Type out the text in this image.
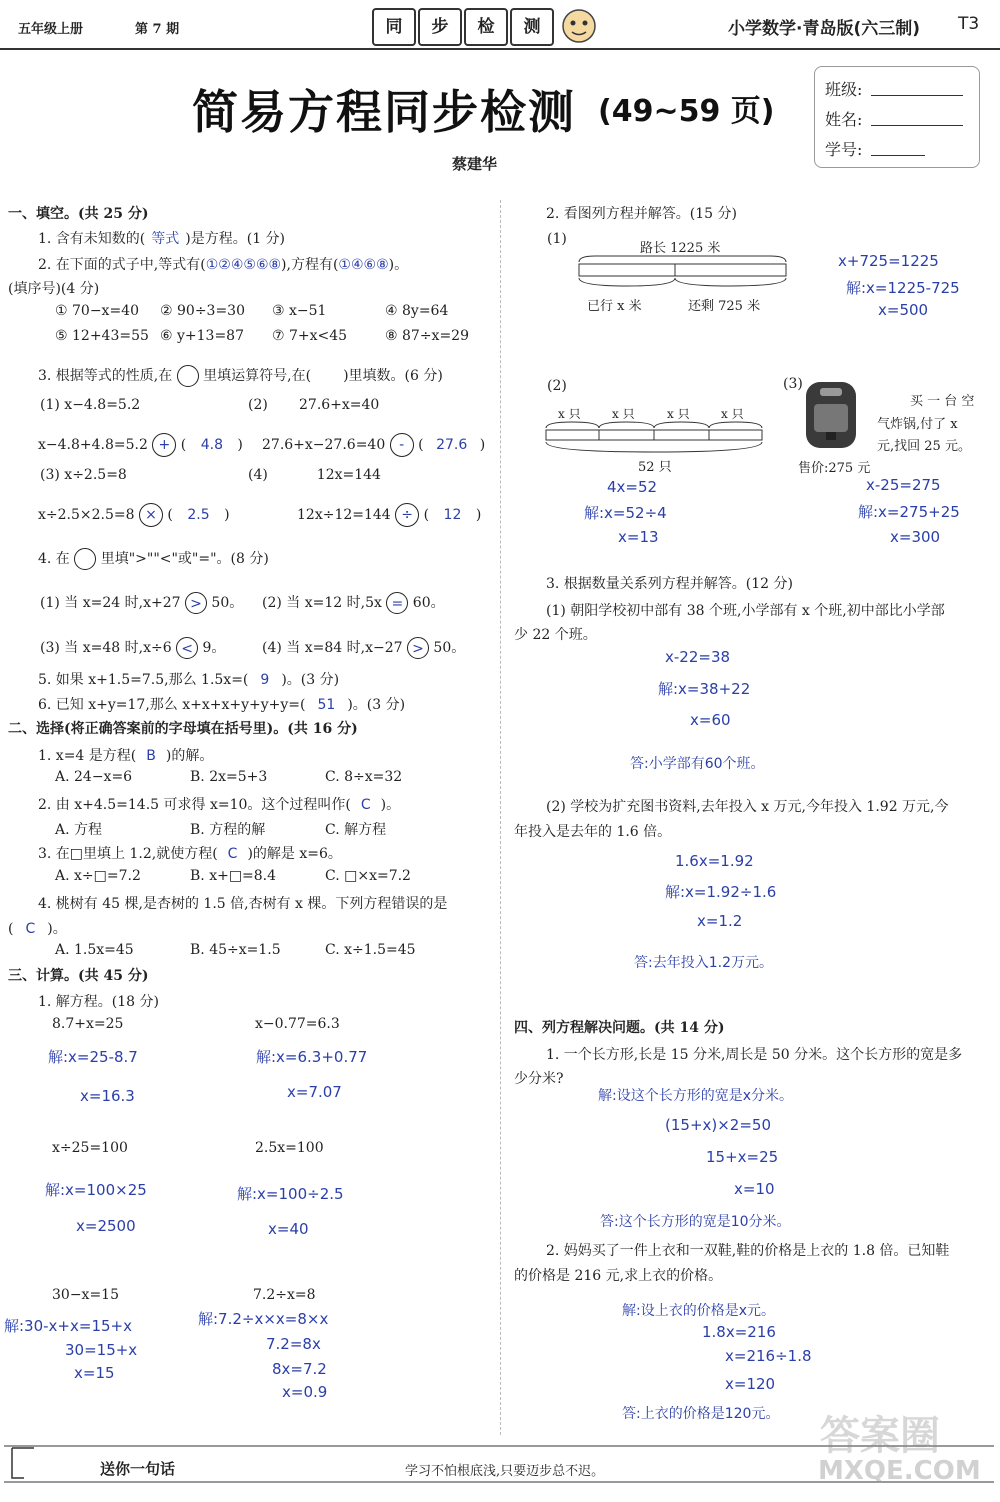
五年级上册	第 7 期	同	步	检	测	小学数学·青岛版(六三制) T3
简易方程同步检测 (49~59 页)
蔡建华
班级:
姓名:
学号:
一、填空。(共 25 分)
1. 含有未知数的( 等式 )是方程。(1 分)
2. 在下面的式子中,等式有(①②④⑤⑥⑧),方程有(①④⑥⑧)。
(填序号)(4 分)
① 70−x=40 ② 90÷3=30 ③ x−51	④ 8y=64
⑤ 12+43=55 ⑥ y+13=87 ⑦ 7+x<45	⑧ 87÷x=29
3. 根据等式的性质,在 里填运算符号,在( )里填数。(6 分)
(1) x−4.8=5.2	(2) 27.6+x=40
x−4.8+4.8=5.2 + ( 4.8 ) 27.6+x−27.6=40 - ( 27.6 )
(3) x÷2.5=8	(4)	12x=144
x÷2.5×2.5=8 × ( 2.5 )	12x÷12=144 ÷ ( 12 )
4. 在 里填">""<"或"="。(8 分)
(1) 当 x=24 时,x+27 > 50。 (2) 当 x=12 时,5x = 60。
(3) 当 x=48 时,x÷6 < 9。	(4) 当 x=84 时,x−27 > 50。
5. 如果 x+1.5=7.5,那么 1.5x=( 9 )。(3 分)
6. 已知 x+y=17,那么 x+x+x+y+y+y=( 51 )。(3 分)
二、选择(将正确答案前的字母填在括号里)。(共 16 分)
1. x=4 是方程( B )的解。
A. 24−x=6	B. 2x=5+3	C. 8÷x=32
2. 由 x+4.5=14.5 可求得 x=10。这个过程叫作( C )。
A. 方程	B. 方程的解	C. 解方程
3. 在□里填上 1.2,就使方程( C )的解是 x=6。
A. x÷□=7.2	B. x+□=8.4	C. □×x=7.2
4. 桃树有 45 棵,是杏树的 1.5 倍,杏树有 x 棵。下列方程错误的是
( C )。
A. 1.5x=45	B. 45÷x=1.5	C. x÷1.5=45
三、计算。(共 45 分)
1. 解方程。(18 分)
8.7+x=25
解:x=25-8.7
x=16.3
x−0.77=6.3
解:x=6.3+0.77
x=7.07
x÷25=100
解:x=100×25
x=2500
2.5x=100
解:x=100÷2.5
x=40
30−x=15
解:30-x+x=15+x
30=15+x
x=15
7.2÷x=8
解:7.2÷x×x=8×x
7.2=8x
8x=7.2
x=0.9
2. 看图列方程并解答。(15 分)
(1)
路长 1225 米
已行 x 米	还剩 725 米
x+725=1225
解:x=1225-725
x=500
(2)
x 只	x 只	x 只	x 只
52 只
4x=52
解:x=52÷4
x=13
(3)
买 一 台 空
气炸锅,付了 x
元,找回 25 元。
售价:275 元
x-25=275
解:x=275+25
x=300
3. 根据数量关系列方程并解答。(12 分)
(1) 朝阳学校初中部有 38 个班,小学部有 x 个班,初中部比小学部
少 22 个班。
x-22=38
解:x=38+22
x=60
答:小学部有60个班。
(2) 学校为扩充图书资料,去年投入 x 万元,今年投入 1.92 万元,今
年投入是去年的 1.6 倍。
1.6x=1.92
解:x=1.92÷1.6
x=1.2
答:去年投入1.2万元。
四、列方程解决问题。(共 14 分)
1. 一个长方形,长是 15 分米,周长是 50 分米。这个长方形的宽是多
少分米?
解:设这个长方形的宽是x分米。
(15+x)×2=50
15+x=25
x=10
答:这个长方形的宽是10分米。
2. 妈妈买了一件上衣和一双鞋,鞋的价格是上衣的 1.8 倍。已知鞋
的价格是 216 元,求上衣的价格。
解:设上衣的价格是x元。
1.8x=216
x=216÷1.8
x=120
答:上衣的价格是120元。
送你一句话	学习不怕根底浅,只要迈步总不迟。
答案圈
MXQE.COM
